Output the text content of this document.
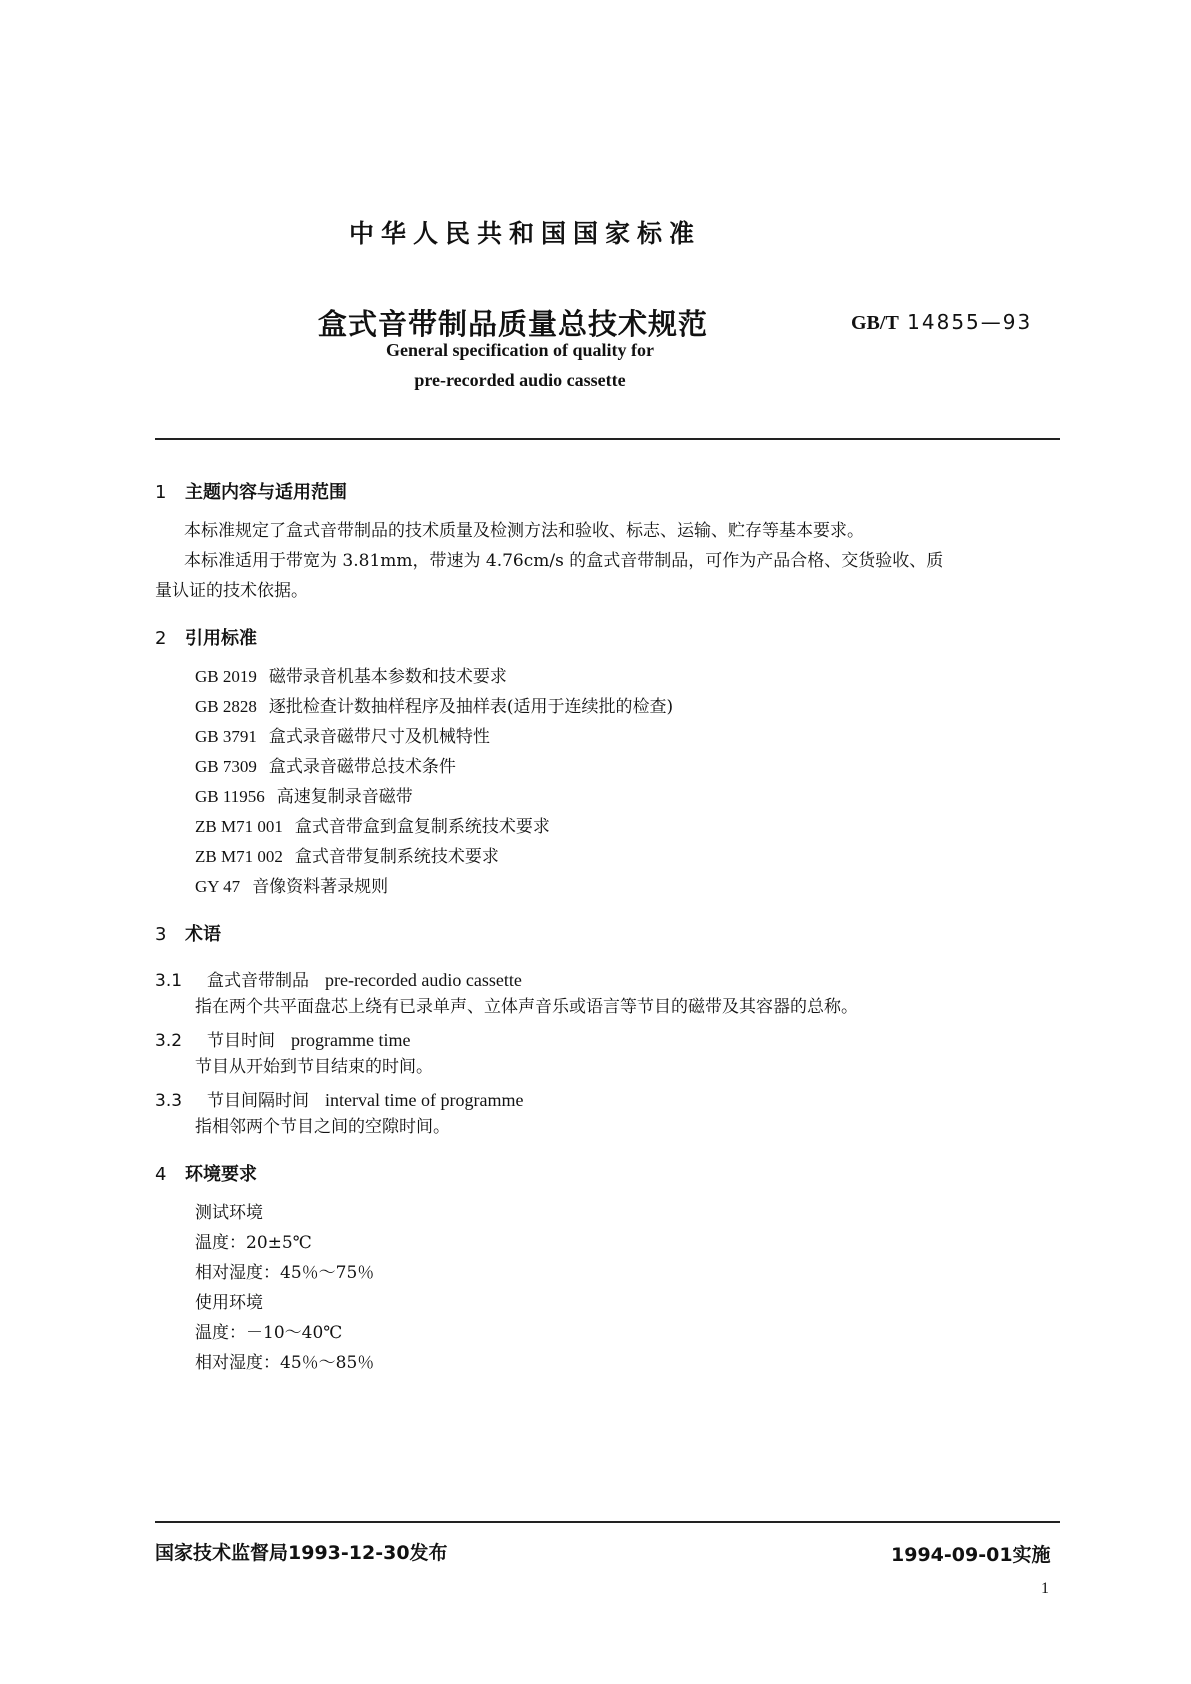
中华人民共和国国家标准
盒式音带制品质量总技术规范	GB/T 14855—93
General specification of quality for
pre-recorded audio cassette
1 主题内容与适用范围
本标准规定了盒式音带制品的技术质量及检测方法和验收、标志、运输、贮存等基本要求。
本标准适用于带宽为 3.81mm，带速为 4.76cm/s 的盒式音带制品，可作为产品合格、交货验收、质
量认证的技术依据。
2 引用标准
GB 2019 磁带录音机基本参数和技术要求
GB 2828 逐批检查计数抽样程序及抽样表(适用于连续批的检查)
GB 3791 盒式录音磁带尺寸及机械特性
GB 7309 盒式录音磁带总技术条件
GB 11956 高速复制录音磁带
ZB M71 001 盒式音带盒到盒复制系统技术要求
ZB M71 002 盒式音带复制系统技术要求
GY 47 音像资料著录规则
3 术语
3.1 盒式音带制品 pre-recorded audio cassette
指在两个共平面盘芯上绕有已录单声、立体声音乐或语言等节目的磁带及其容器的总称。
3.2 节目时间 programme time
节目从开始到节目结束的时间。
3.3 节目间隔时间 interval time of programme
指相邻两个节目之间的空隙时间。
4 环境要求
测试环境
温度：20±5℃
相对湿度：45％～75％
使用环境
温度：－10～40℃
相对湿度：45％～85％
国家技术监督局1993-12-30发布	1994-09-01实施
1
